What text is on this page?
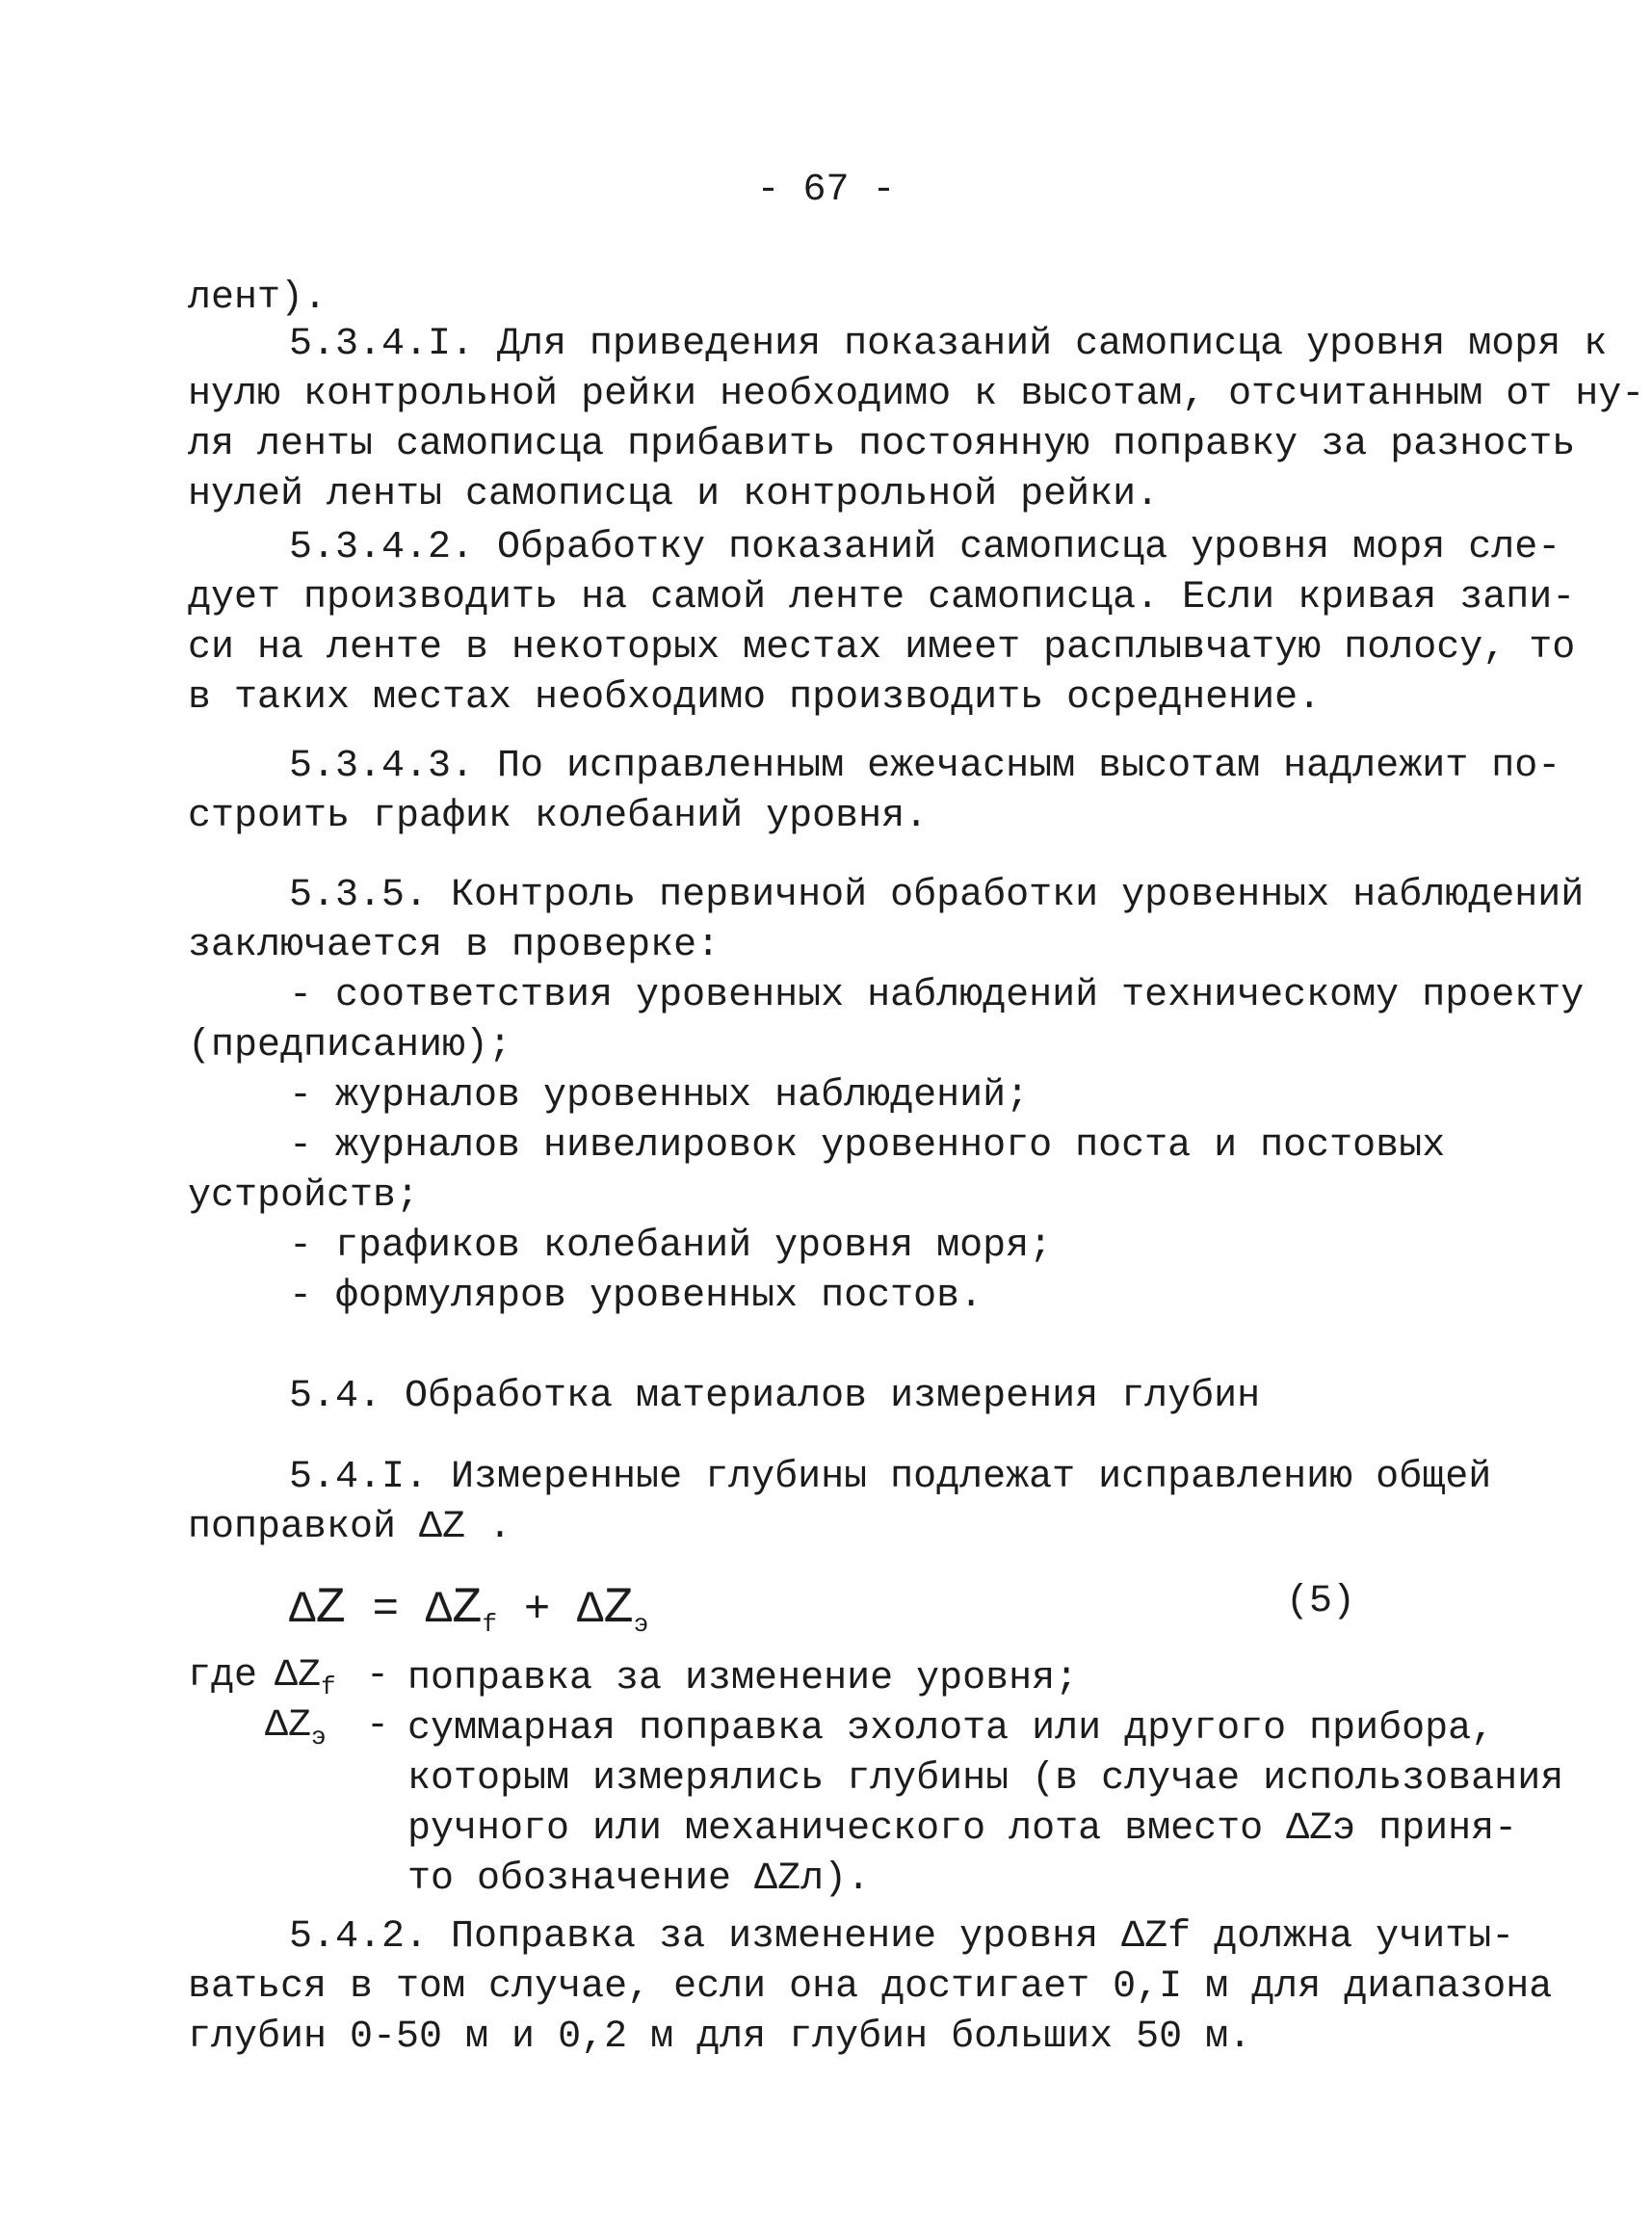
- 67 -

лент).

5.3.4.I. Для приведения показаний самописца уровня моря к

нулю контрольной рейки необходимо к высотам, отсчитанным от ну-

ля ленты самописца прибавить постоянную поправку за разность

нулей ленты самописца и контрольной рейки.

5.3.4.2. Обработку показаний самописца уровня моря сле-

дует производить на самой ленте самописца. Если кривая запи-

си на ленте в некоторых местах имеет расплывчатую полосу, то

в таких местах необходимо производить осреднение.

5.3.4.3. По исправленным ежечасным высотам надлежит по-

строить график колебаний уровня.

5.3.5. Контроль первичной обработки уровенных наблюдений

заключается в проверке:

- соответствия уровенных наблюдений техническому проекту

(предписанию);

- журналов уровенных наблюдений;

- журналов нивелировок уровенного поста и постовых

устройств;

- графиков колебаний уровня моря;

- формуляров уровенных постов.

5.4. Обработка материалов измерения глубин

5.4.I. Измеренные глубины подлежат исправлению общей

поправкой ΔZ .

$\Delta Z = \Delta Z_f + \Delta Z_э$
(5)
где $\Delta Z_f$ - поправка за изменение уровня;

$\Delta Z_э$ - суммарная поправка эхолота или другого прибора,

которым измерялись глубины (в случае использования

ручного или механического лота вместо ΔZэ приня-

то обозначение ΔZл).

5.4.2. Поправка за изменение уровня ΔZf должна учиты-

ваться в том случае, если она достигает 0,I м для диапазона

глубин 0-50 м и 0,2 м для глубин больших 50 м.
